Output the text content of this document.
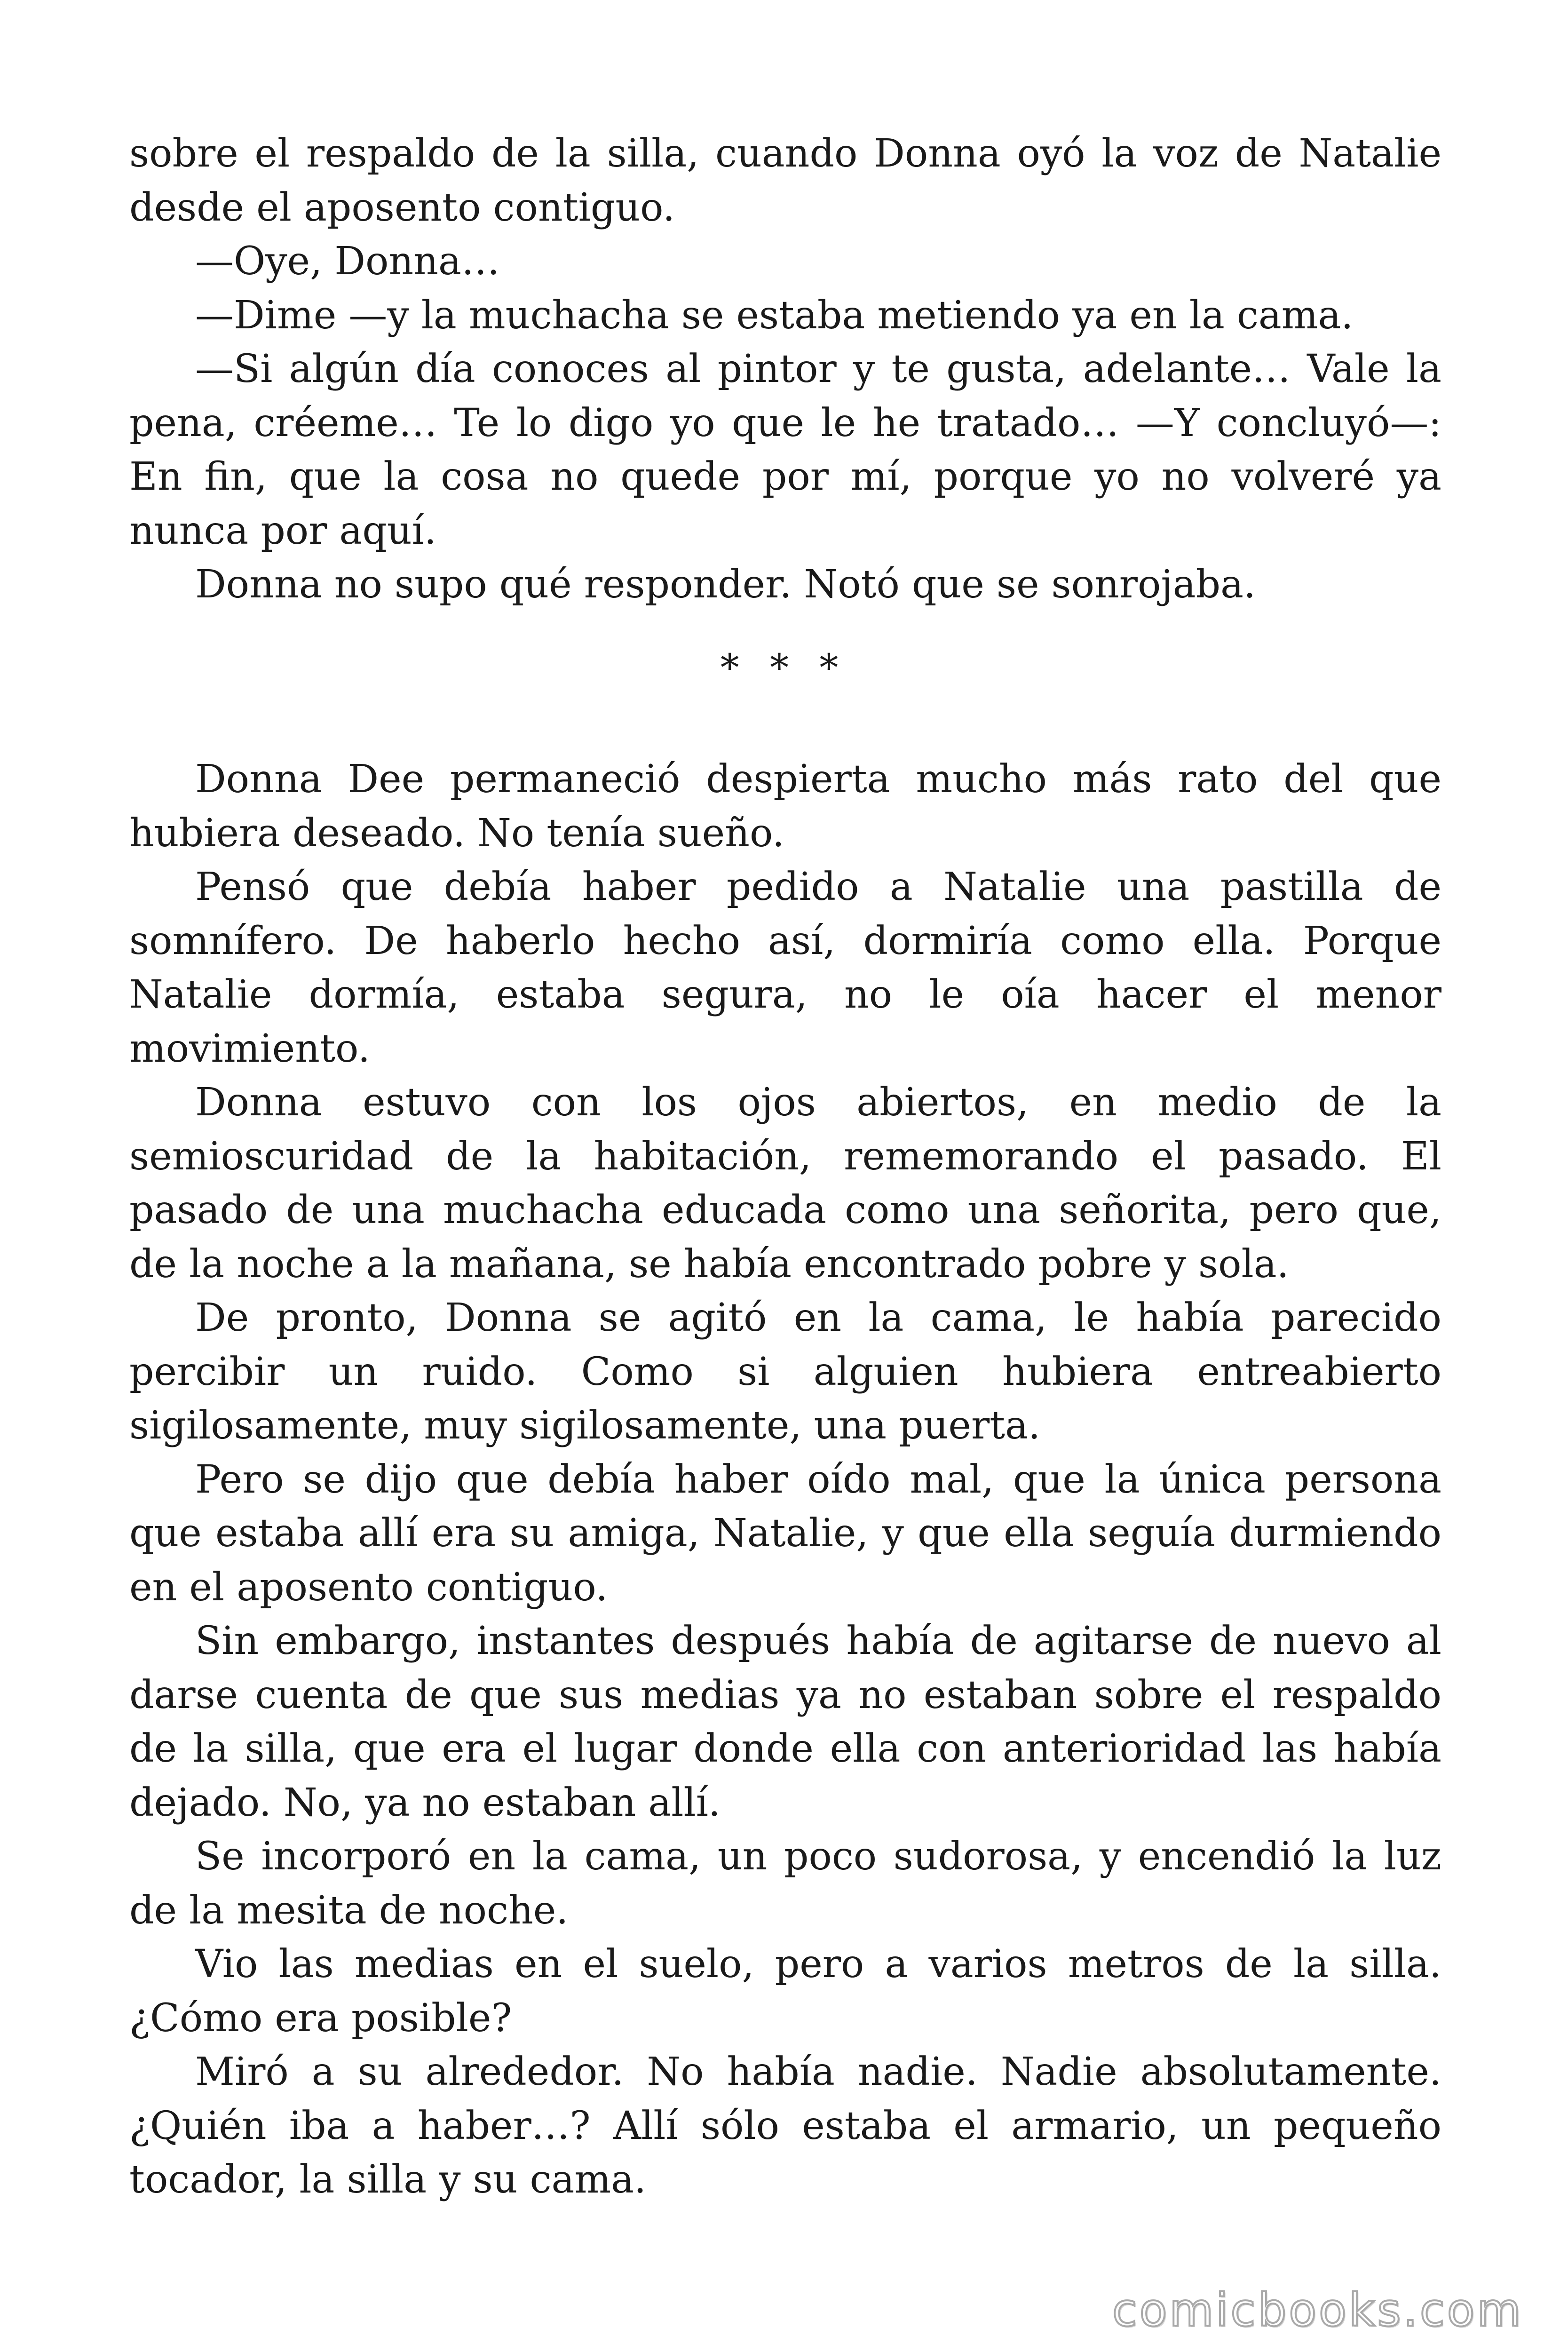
sobre el respaldo de la silla, cuando Donna oyó la voz de Natalie desde el aposento contiguo.

—Oye, Donna…

—Dime —y la muchacha se estaba metiendo ya en la cama.

—Si algún día conoces al pintor y te gusta, adelante… Vale la pena, créeme… Te lo digo yo que le he tratado… —Y concluyó—: En fin, que la cosa no quede por mí, porque yo no volveré ya nunca por aquí.

Donna no supo qué responder. Notó que se sonrojaba.

* * *

Donna Dee permaneció despierta mucho más rato del que hubiera deseado. No tenía sueño.

Pensó que debía haber pedido a Natalie una pastilla de somnífero. De haberlo hecho así, dormiría como ella. Porque Natalie dormía, estaba segura, no le oía hacer el menor movimiento.

Donna estuvo con los ojos abiertos, en medio de la semioscuridad de la habitación, rememorando el pasado. El pasado de una muchacha educada como una señorita, pero que, de la noche a la mañana, se había encontrado pobre y sola.

De pronto, Donna se agitó en la cama, le había parecido percibir un ruido. Como si alguien hubiera entreabierto sigilosamente, muy sigilosamente, una puerta.

Pero se dijo que debía haber oído mal, que la única persona que estaba allí era su amiga, Natalie, y que ella seguía durmiendo en el aposento contiguo.

Sin embargo, instantes después había de agitarse de nuevo al darse cuenta de que sus medias ya no estaban sobre el respaldo de la silla, que era el lugar donde ella con anterioridad las había dejado. No, ya no estaban allí.

Se incorporó en la cama, un poco sudorosa, y encendió la luz de la mesita de noche.

Vio las medias en el suelo, pero a varios metros de la silla. ¿Cómo era posible?

Miró a su alrededor. No había nadie. Nadie absolutamente. ¿Quién iba a haber…? Allí sólo estaba el armario, un pequeño tocador, la silla y su cama.

comicbooks.com
